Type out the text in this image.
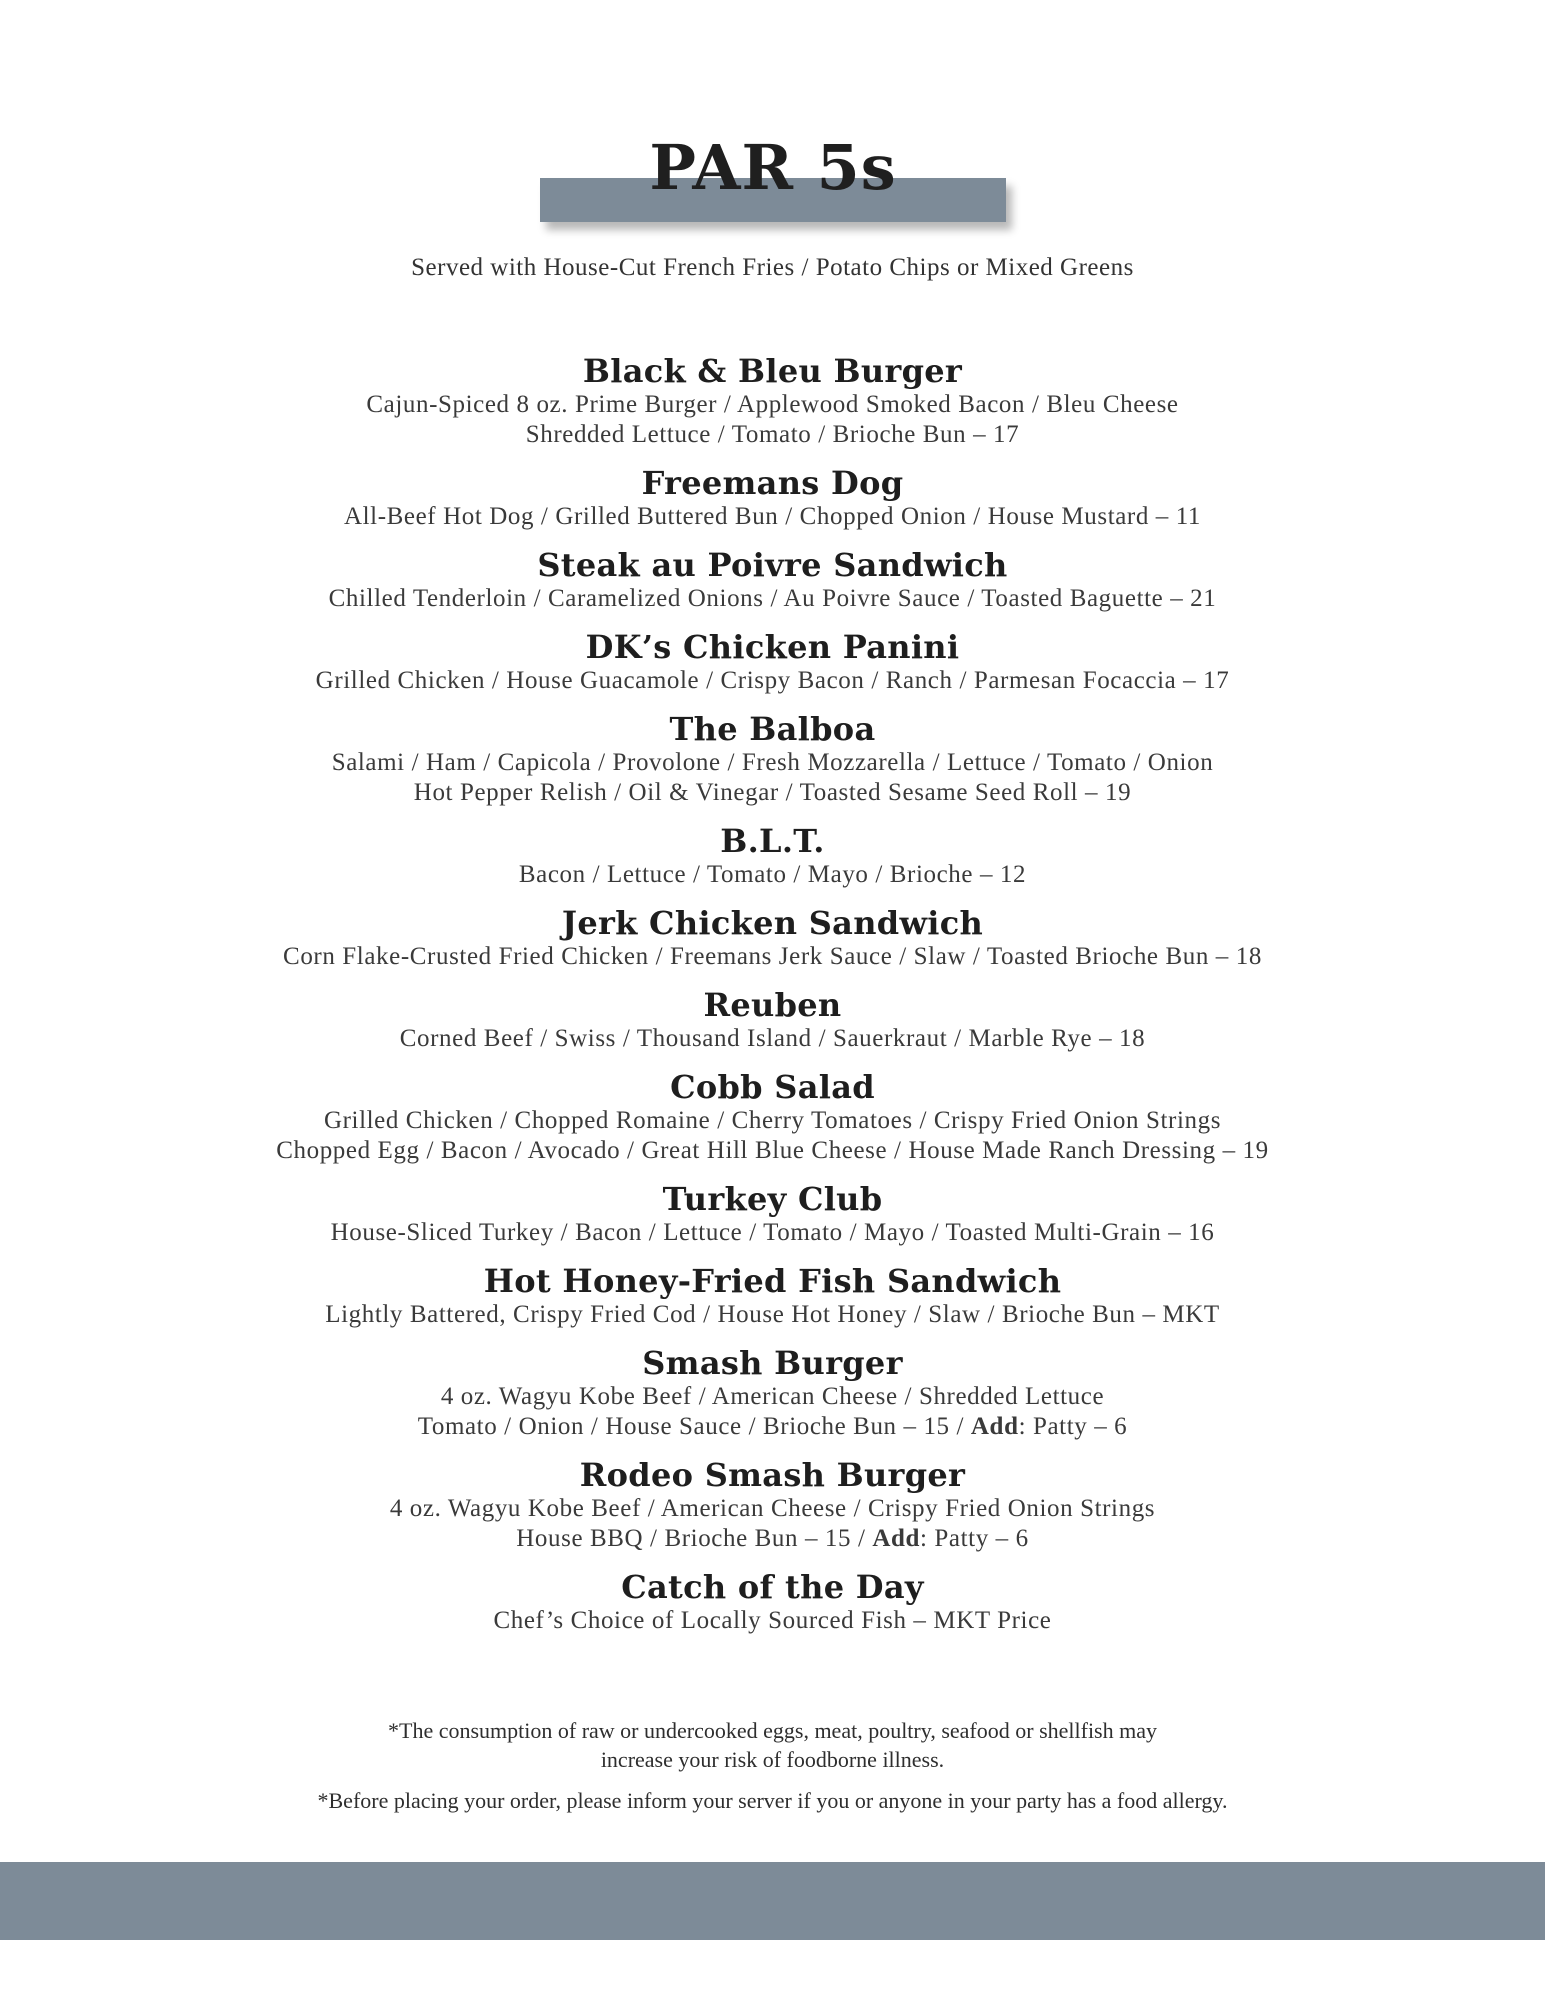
PAR 5s
Served with House-Cut French Fries / Potato Chips or Mixed Greens
Black & Bleu Burger
Cajun-Spiced 8 oz. Prime Burger / Applewood Smoked Bacon / Bleu Cheese
Shredded Lettuce / Tomato / Brioche Bun – 17
Freemans Dog
All-Beef Hot Dog / Grilled Buttered Bun / Chopped Onion / House Mustard – 11
Steak au Poivre Sandwich
Chilled Tenderloin / Caramelized Onions / Au Poivre Sauce / Toasted Baguette – 21
DK’s Chicken Panini
Grilled Chicken / House Guacamole / Crispy Bacon / Ranch / Parmesan Focaccia – 17
The Balboa
Salami / Ham / Capicola / Provolone / Fresh Mozzarella / Lettuce / Tomato / Onion
Hot Pepper Relish / Oil & Vinegar / Toasted Sesame Seed Roll – 19
B.L.T.
Bacon / Lettuce / Tomato / Mayo / Brioche – 12
Jerk Chicken Sandwich
Corn Flake-Crusted Fried Chicken / Freemans Jerk Sauce / Slaw / Toasted Brioche Bun – 18
Reuben
Corned Beef / Swiss / Thousand Island / Sauerkraut / Marble Rye – 18
Cobb Salad
Grilled Chicken / Chopped Romaine / Cherry Tomatoes / Crispy Fried Onion Strings
Chopped Egg / Bacon / Avocado / Great Hill Blue Cheese / House Made Ranch Dressing – 19
Turkey Club
House-Sliced Turkey / Bacon / Lettuce / Tomato / Mayo / Toasted Multi-Grain – 16
Hot Honey-Fried Fish Sandwich
Lightly Battered, Crispy Fried Cod / House Hot Honey / Slaw / Brioche Bun – MKT
Smash Burger
4 oz. Wagyu Kobe Beef / American Cheese / Shredded Lettuce
Tomato / Onion / House Sauce / Brioche Bun – 15 / Add: Patty – 6
Rodeo Smash Burger
4 oz. Wagyu Kobe Beef / American Cheese / Crispy Fried Onion Strings
House BBQ / Brioche Bun – 15 / Add: Patty – 6
Catch of the Day
Chef’s Choice of Locally Sourced Fish – MKT Price

*The consumption of raw or undercooked eggs, meat, poultry, seafood or shellfish may
increase your risk of foodborne illness.

*Before placing your order, please inform your server if you or anyone in your party has a food allergy.
